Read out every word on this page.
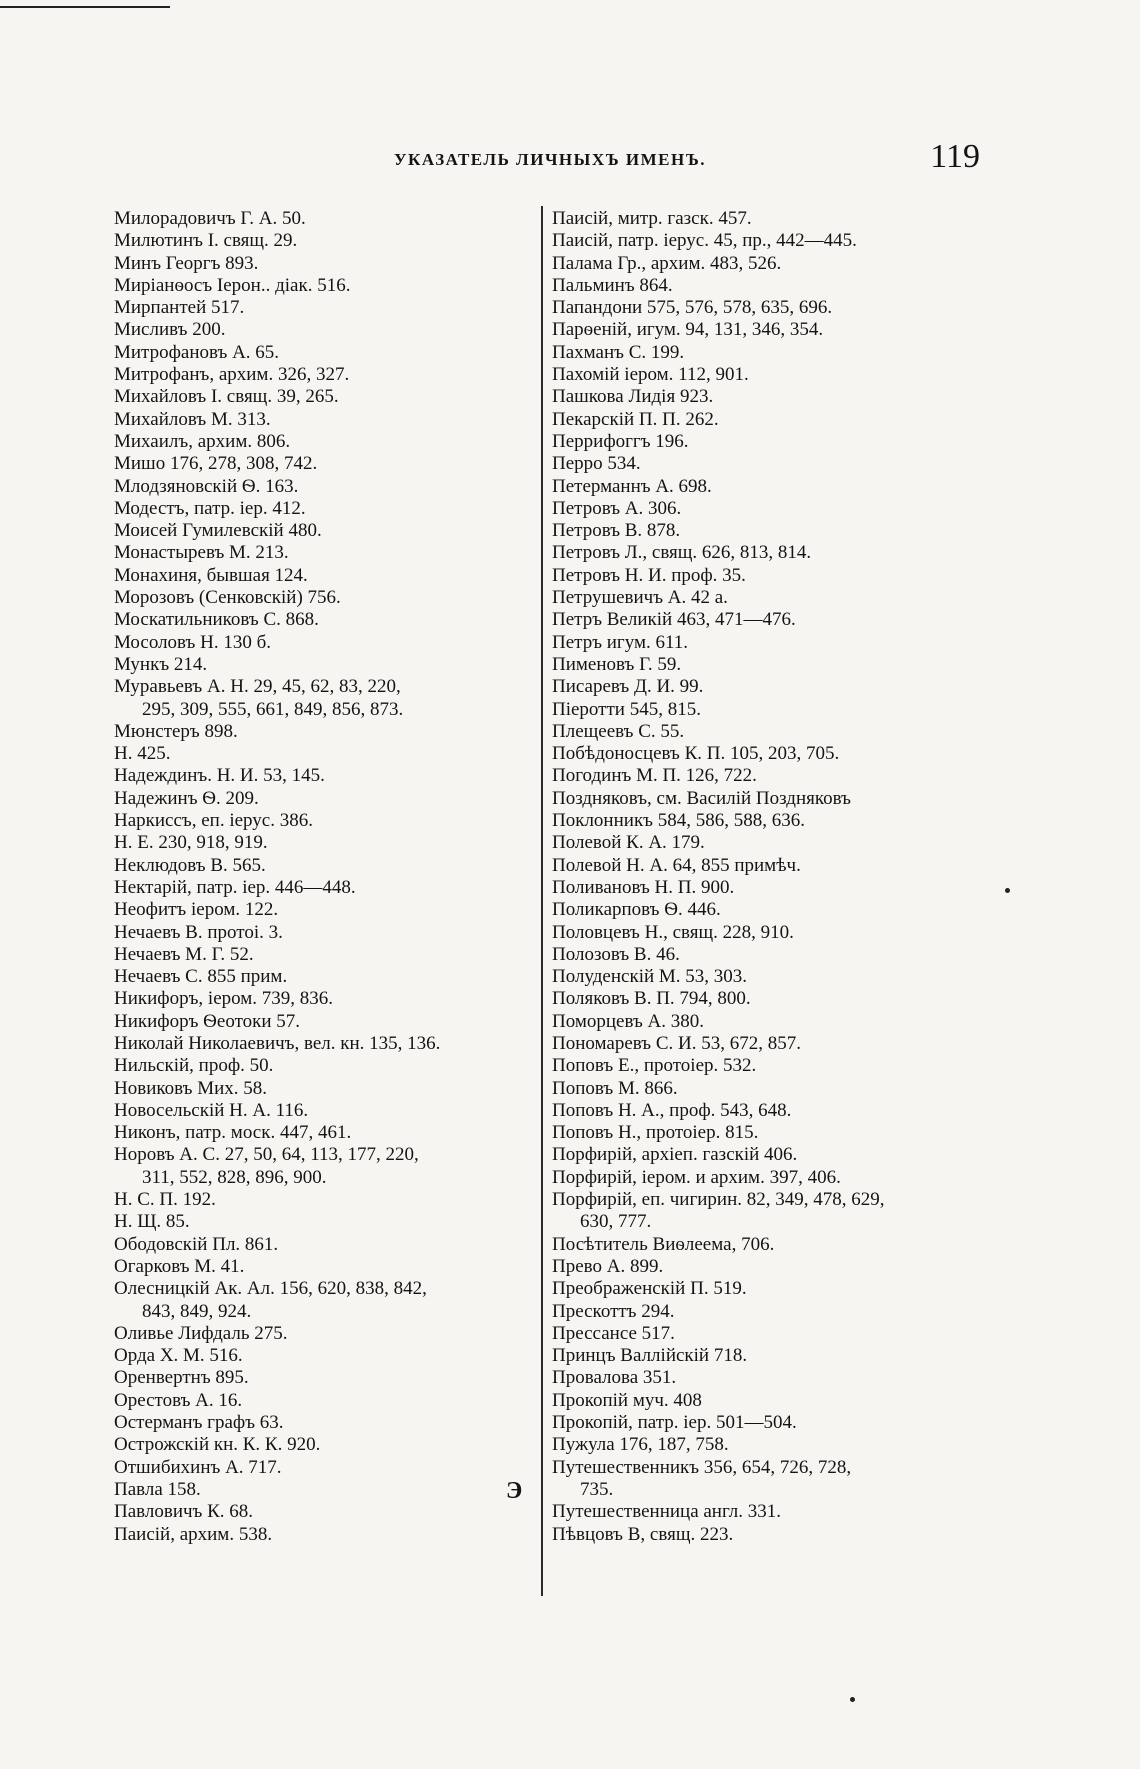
УКАЗАТЕЛЬ ЛИЧНЫХЪ ИМЕНЪ.	119
Милорадовичъ Г. А. 50.
Милютинъ I. свящ. 29.
Минъ Георгъ 893.
Миріанѳосъ Іерон.. діак. 516.
Мирпантей 517.
Мисливъ 200.
Митрофановъ А. 65.
Митрофанъ, архим. 326, 327.
Михайловъ I. свящ. 39, 265.
Михайловъ М. 313.
Михаилъ, архим. 806.
Мишо 176, 278, 308, 742.
Млодзяновскій Ѳ. 163.
Модестъ, патр. iер. 412.
Моисей Гумилевскій 480.
Монастыревъ М. 213.
Монахиня, бывшая 124.
Морозовъ (Сенковскій) 756.
Москатильниковъ С. 868.
Мосоловъ Н. 130 б.
Мункъ 214.
Муравьевъ А. Н. 29, 45, 62, 83, 220,
295, 309, 555, 661, 849, 856, 873.
Мюнстеръ 898.
Н. 425.
Надеждинъ. Н. И. 53, 145.
Надежинъ Ѳ. 209.
Наркиссъ, еп. iерус. 386.
Н. Е. 230, 918, 919.
Неклюдовъ В. 565.
Нектарій, патр. iер. 446—448.
Неофитъ iером. 122.
Нечаевъ В. протоi. 3.
Нечаевъ М. Г. 52.
Нечаевъ С. 855 прим.
Никифоръ, iером. 739, 836.
Никифоръ Ѳеотоки 57.
Николай Николаевичъ, вел. кн. 135, 136.
Нильскій, проф. 50.
Новиковъ Мих. 58.
Новосельскій Н. А. 116.
Никонъ, патр. моск. 447, 461.
Норовъ А. С. 27, 50, 64, 113, 177, 220,
311, 552, 828, 896, 900.
Н. С. П. 192.
Н. Щ. 85.
Ободовскій Пл. 861.
Огарковъ М. 41.
Олесницкій Ак. Ал. 156, 620, 838, 842,
843, 849, 924.
Оливье Лифдаль 275.
Орда Х. М. 516.
Оренвертнъ 895.
Орестовъ А. 16.
Остерманъ графъ 63.
Острожскій кн. К. К. 920.
Отшибихинъ А. 717.
Павла 158.
Павловичъ К. 68.
Паисій, архим. 538.
Паисій, митр. газск. 457.
Паисій, патр. iерус. 45, пр., 442—445.
Палама Гр., архим. 483, 526.
Пальминъ 864.
Папандони 575, 576, 578, 635, 696.
Парѳеній, игум. 94, 131, 346, 354.
Пахманъ С. 199.
Пахомій iером. 112, 901.
Пашкова Лидія 923.
Пекарскій П. П. 262.
Перрифоггъ 196.
Перро 534.
Петерманнъ А. 698.
Петровъ А. 306.
Петровъ В. 878.
Петровъ Л., свящ. 626, 813, 814.
Петровъ Н. И. проф. 35.
Петрушевичъ А. 42 а.
Петръ Великій 463, 471—476.
Петръ игум. 611.
Пименовъ Г. 59.
Писаревъ Д. И. 99.
Пiеротти 545, 815.
Плещеевъ С. 55.
Побѣдоносцевъ К. П. 105, 203, 705.
Погодинъ М. П. 126, 722.
Поздняковъ, см. Василій Поздняковъ
Поклонникъ 584, 586, 588, 636.
Полевой К. А. 179.
Полевой Н. А. 64, 855 примѣч.
Поливановъ Н. П. 900.
Поликарповъ Ѳ. 446.
Половцевъ Н., свящ. 228, 910.
Полозовъ В. 46.
Полуденскій М. 53, 303.
Поляковъ В. П. 794, 800.
Поморцевъ А. 380.
Пономаревъ С. И. 53, 672, 857.
Поповъ Е., протоiер. 532.
Поповъ М. 866.
Поповъ Н. А., проф. 543, 648.
Поповъ Н., протоiер. 815.
Порфирій, архiеп. газскій 406.
Порфирій, iером. и архим. 397, 406.
Порфирій, еп. чигирин. 82, 349, 478, 629,
630, 777.
Посѣтитель Виѳлеема, 706.
Прево А. 899.
Преображенскій П. 519.
Прескоттъ 294.
Прессансе 517.
Принцъ Валлійскій 718.
Провалова 351.
Прокопій муч. 408
Прокопій, патр. iер. 501—504.
Пужула 176, 187, 758.
Путешественникъ 356, 654, 726, 728,
735.
Путешественница англ. 331.
Пѣвцовъ В, свящ. 223.
Э
